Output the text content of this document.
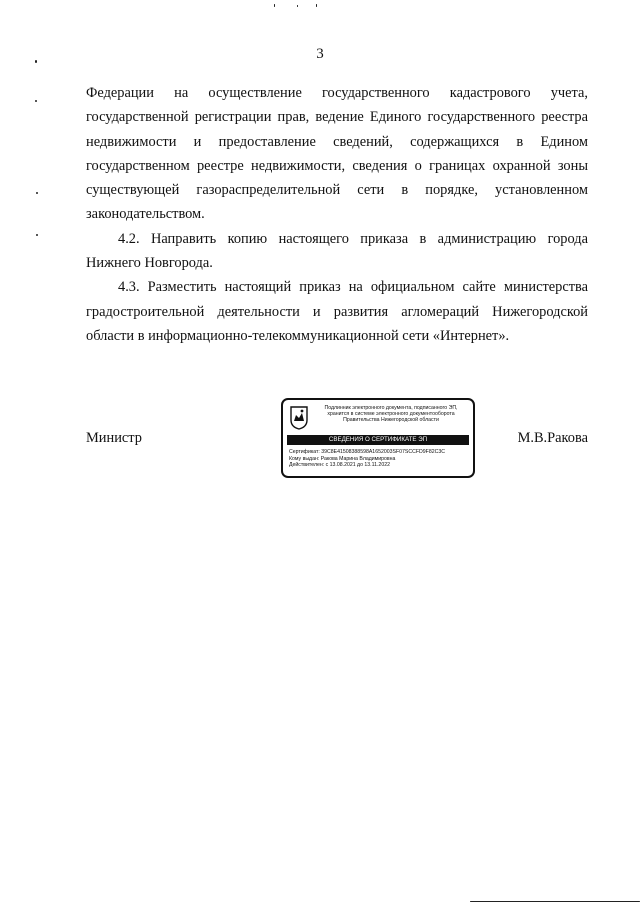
3

Федерации на осуществление государственного кадастрового учета, государственной регистрации прав, ведение Единого государственного реестра недвижимости и предоставление сведений, содержащихся в Едином государственном реестре недвижимости, сведения о границах охранной зоны существующей газораспределительной сети в порядке, установленном законодательством.

4.2. Направить копию настоящего приказа в администрацию города Нижнего Новгорода.

4.3. Разместить настоящий приказ на официальном сайте министерства градостроительной деятельности и развития агломераций Нижегородской области в информационно-телекоммуникационной сети «Интернет».

Министр
Подлинник электронного документа, подписанного ЭП,
хранится в системе электронного документооборота
Правительства Нижегородской области
СВЕДЕНИЯ О СЕРТИФИКАТЕ ЭП
Сертификат: 39C8E41508388598A1652003SF07SCCFD9F82C3C
Кому выдан: Ракова Марина Владимировна
Действителен: с 13.08.2021 до 13.11.2022
М.В.Ракова
